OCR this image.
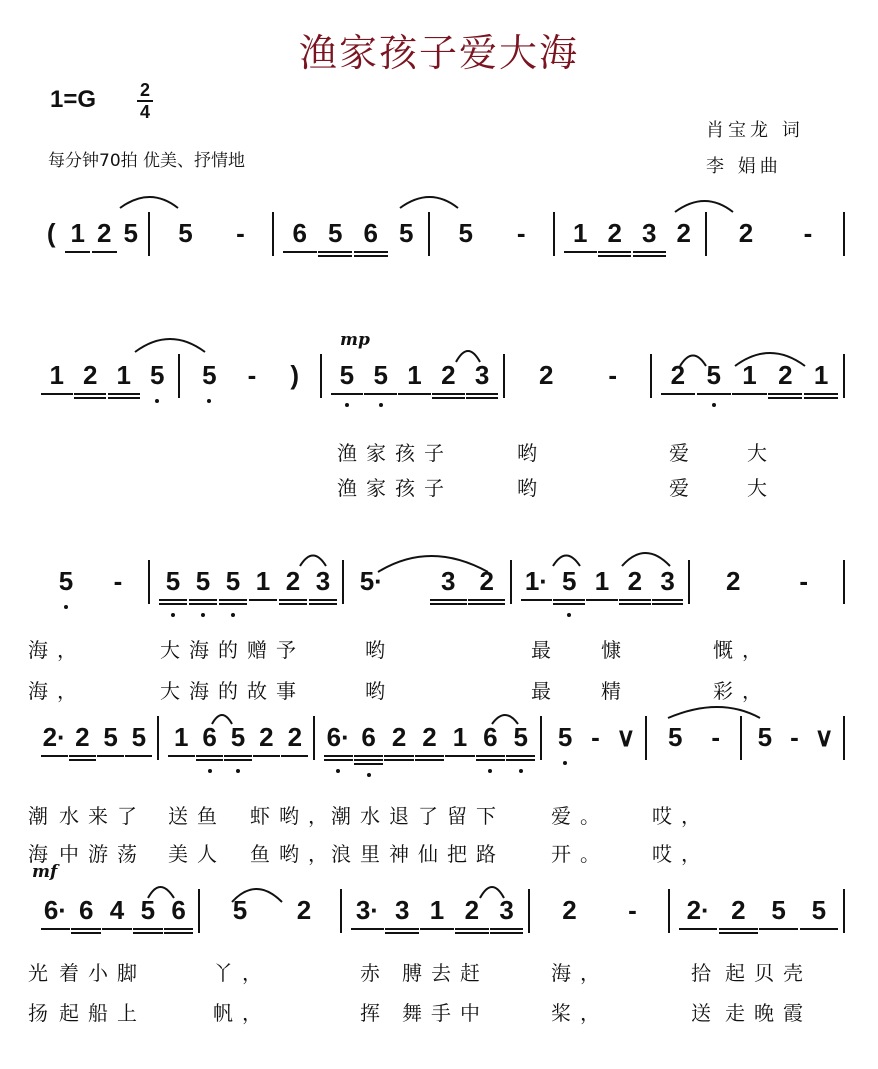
渔家孩子爱大海
$1=G \frac{2}{4}$
每分钟70拍 优美、抒情地
肖宝龙 词
李 娟曲
( 1 2 5 5 - 6 5 6 5 5 - 1 2 3 2 2 -
1 2 1 5 5 - ) 5 5 1 2 3 2 - 2 5 1 2 1
mp
渔家孩子	哟	爱 大
渔家孩子	哟	爱 大
5 - 5 5 5 1 2 3 5· 3 2 1· 5 1 2 3 2 -
海，	大海的赠予	哟	最 慷	慨，
海，	大海的故事	哟	最 精	彩，
2· 2 5 5 1 6 5 2 2 6· 6 2 2 1 6 5 5 - ∨ 5 - 5 - ∨
潮 水来了 送鱼 虾哟，
潮水退了留下 爱。 哎，
海 中游荡 美人 鱼哟，
浪里神仙把路 开。 哎，
6· 6 4 5 6 5 2 3· 3 1 2 3 2 - 2· 2 5 5
mf
光 着小脚	丫，	赤 膊去赶	海，	拾 起贝壳
扬 起船上	帆，	挥 舞手中	桨，	送 走晚霞
